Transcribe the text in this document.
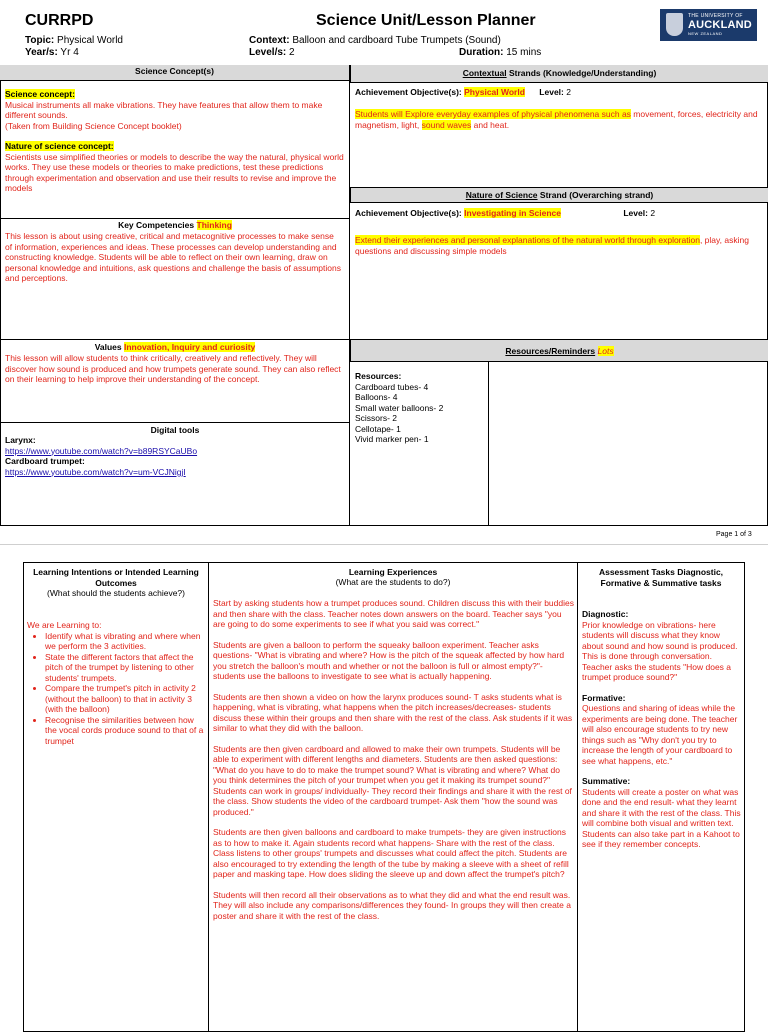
CURRPD	Science Unit/Lesson Planner
Topic: Physical World
Year/s: Yr 4
Context: Balloon and cardboard Tube Trumpets (Sound)
Level/s: 2	Duration: 15 mins
THE UNIVERSITY OF
AUCKLAND
NEW ZEALAND
Science Concept(s)
Science concept:
Musical instruments all make vibrations. They have features that allow them to make different sounds.
(Taken from Building Science Concept booklet)
Nature of science concept:
Scientists use simplified theories or models to describe the way the natural, physical world works. They use these models or theories to make predictions, test these predictions through experimentation and observation and use their results to revise and improve the models
Contextual Strands (Knowledge/Understanding)
Achievement Objective(s): Physical World Level: 2
Students will Explore everyday examples of physical phenomena such as movement, forces, electricity and magnetism, light, sound waves and heat.
Nature of Science Strand (Overarching strand)
Achievement Objective(s): Investigating in Science	Level: 2
Extend their experiences and personal explanations of the natural world through exploration, play, asking questions and discussing simple models
Key Competencies Thinking
This lesson is about using creative, critical and metacognitive processes to make sense of information, experiences and ideas. These processes can develop understanding and constructing knowledge. Students will be able to reflect on their own learning, draw on personal knowledge and intuitions, ask questions and challenge the basis of assumptions and perceptions.
Values Innovation, Inquiry and curiosity
This lesson will allow students to think critically, creatively and reflectively. They will discover how sound is produced and how trumpets generate sound. They can also reflect on their learning to help improve their understanding of the concept.
Resources/Reminders Lots
Resources:
Cardboard tubes- 4
Balloons- 4
Small water balloons- 2
Scissors- 2
Cellotape- 1
Vivid marker pen- 1
Digital tools
Larynx:
https://www.youtube.com/watch?v=b89RSYCaUBo
Cardboard trumpet:
https://www.youtube.com/watch?v=um-VCJNigjI
Page 1 of 3
Learning Intentions or Intended Learning Outcomes
(What should the students achieve?)
We are Learning to:
• Identify what is vibrating and where when we perform the 3 activities.
• State the different factors that affect the pitch of the trumpet by listening to other students' trumpets.
• Compare the trumpet's pitch in activity 2 (without the balloon) to that in activity 3 (with the balloon)
• Recognise the similarities between how the vocal cords produce sound to that of a trumpet
Learning Experiences
(What are the students to do?)

Start by asking students how a trumpet produces sound. Children discuss this with their buddies and then share with the class. Teacher notes down answers on the board. Teacher says "you are going to do some experiments to see if what you said was correct."

Students are given a balloon to perform the squeaky balloon experiment. Teacher asks questions- "What is vibrating and where? How is the pitch of the squeak affected by how hard you stretch the balloon's mouth and whether or not the balloon is full or almost empty?"- students use the balloons to investigate to see what is actually happening.

Students are then shown a video on how the larynx produces sound- T asks students what is happening, what is vibrating, what happens when the pitch increases/decreases- students discuss these within their groups and then share with the rest of the class. Ask students if it was similar to what they did with the balloon.

Students are then given cardboard and allowed to make their own trumpets. Students will be able to experiment with different lengths and diameters. Students are then asked questions: "What do you have to do to make the trumpet sound? What is vibrating and where? What do you think determines the pitch of your trumpet when you get it making its trumpet sound?" Students can work in groups/ individually- They record their findings and share it with the rest of the class. Show students the video of the cardboard trumpet- Ask them "how the sound was produced."

Students are then given balloons and cardboard to make trumpets- they are given instructions as to how to make it. Again students record what happens- Share with the rest of the class. Class listens to other groups' trumpets and discusses what could affect the pitch. Students are also encouraged to try extending the length of the tube by making a sleeve with a sheet of refill paper and masking tape. How does sliding the sleeve up and down affect the trumpet's pitch?

Students will then record all their observations as to what they did and what the end result was. They will also include any comparisons/differences they found- In groups they will then create a poster and share it with the rest of the class.

Assessment Tasks Diagnostic, Formative & Summative tasks
Diagnostic:
Prior knowledge on vibrations- here students will discuss what they know about sound and how sound is produced. This is done through conversation. Teacher asks the students "How does a trumpet produce sound?"
Formative:
Questions and sharing of ideas while the experiments are being done. The teacher will also encourage students to try new things such as "Why don't you try to increase the length of your cardboard to see what happens, etc."
Summative:
Students will create a poster on what was done and the end result- what they learnt and share it with the rest of the class. This will combine both visual and written text. Students can also take part in a Kahoot to see if they remember concepts.
